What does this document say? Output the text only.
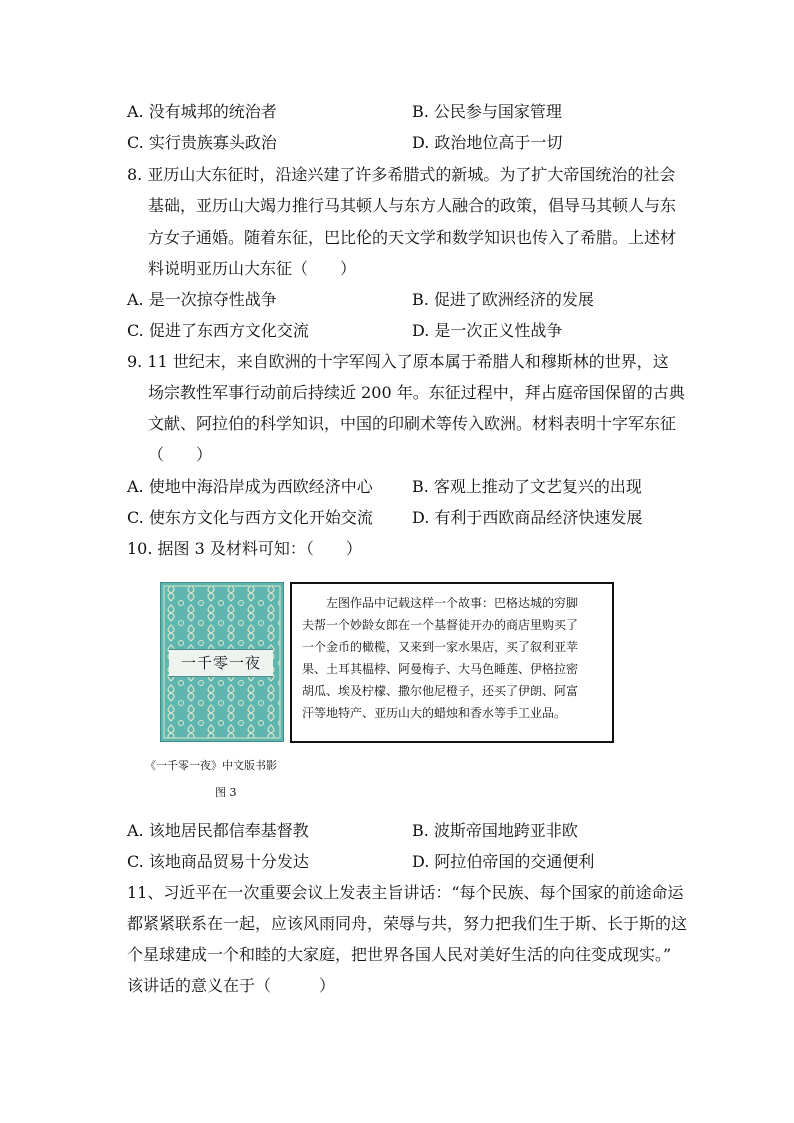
A. 没有城邦的统治者	B. 公民参与国家管理
C. 实行贵族寡头政治	D. 政治地位高于一切
8. 亚历山大东征时，沿途兴建了许多希腊式的新城。为了扩大帝国统治的社会
基础，亚历山大竭力推行马其顿人与东方人融合的政策，倡导马其顿人与东
方女子通婚。随着东征，巴比伦的天文学和数学知识也传入了希腊。上述材
料说明亚历山大东征（　　）
A. 是一次掠夺性战争	B. 促进了欧洲经济的发展
C. 促进了东西方文化交流	D. 是一次正义性战争
9. 11 世纪末，来自欧洲的十字军闯入了原本属于希腊人和穆斯林的世界，这
场宗教性军事行动前后持续近 200 年。东征过程中，拜占庭帝国保留的古典
文献、阿拉伯的科学知识，中国的印刷术等传入欧洲。材料表明十字军东征
（　　）
A. 使地中海沿岸成为西欧经济中心 B. 客观上推动了文艺复兴的出现
C. 使东方文化与西方文化开始交流 D. 有利于西欧商品经济快速发展
10. 据图 3 及材料可知：（　　）
一千零一夜
　　左图作品中记载这样一个故事：巴格达城的穷脚
夫帮一个妙龄女郎在一个基督徒开办的商店里购买了
一个金币的橄榄，又来到一家水果店，买了叙利亚苹
果、土耳其榅桲、阿曼梅子、大马色睡莲、伊格拉密
胡瓜、埃及柠檬、撒尔他尼橙子，还买了伊朗、阿富
汗等地特产、亚历山大的蜡烛和香水等手工业品。
《一千零一夜》中文版书影
图 3
A. 该地居民都信奉基督教	B. 波斯帝国地跨亚非欧
C. 该地商品贸易十分发达	D. 阿拉伯帝国的交通便利
11、习近平在一次重要会议上发表主旨讲话：“每个民族、每个国家的前途命运
都紧紧联系在一起，应该风雨同舟，荣辱与共，努力把我们生于斯、长于斯的这
个星球建成一个和睦的大家庭，把世界各国人民对美好生活的向往变成现实。”
该讲话的意义在于（　　　）
